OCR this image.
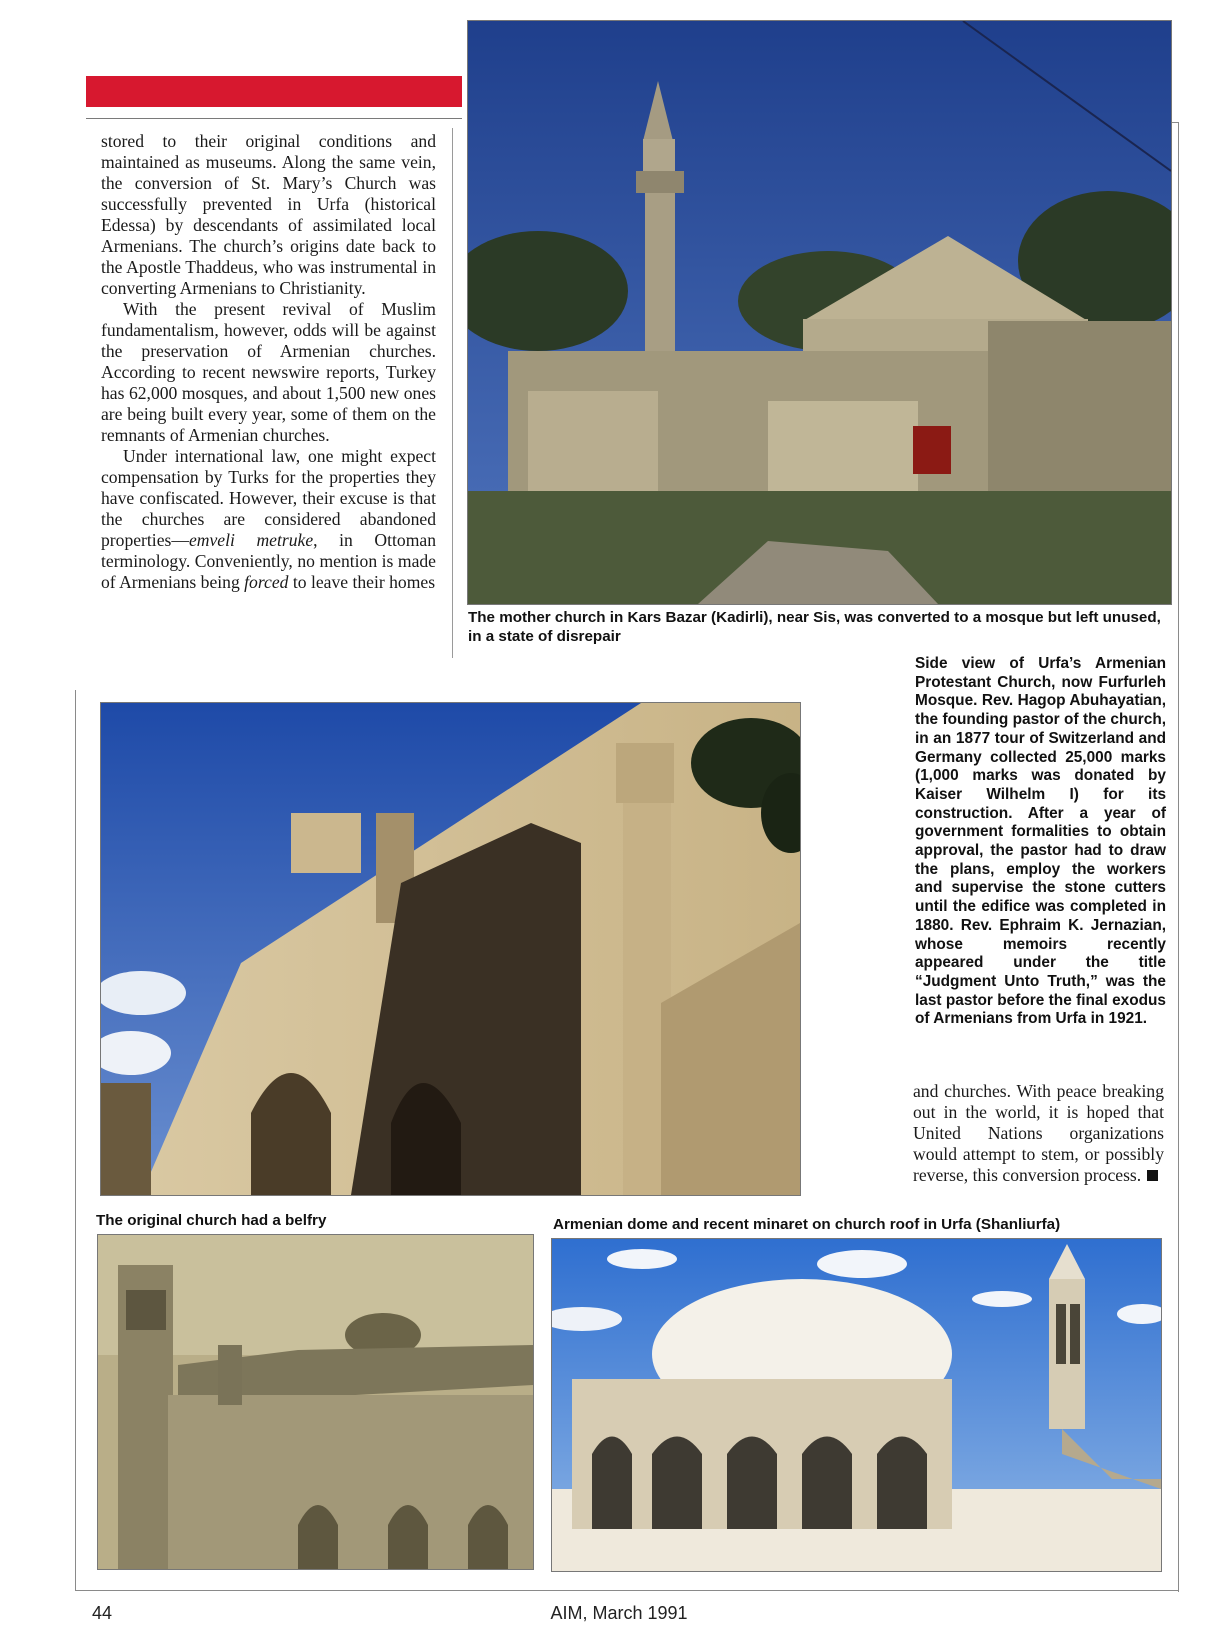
stored to their original conditions and maintained as museums. Along the same vein, the conversion of St. Mary’s Church was successfully prevented in Urfa (historical Edessa) by descendants of assimilated local Armenians. The church’s origins date back to the Apostle Thaddeus, who was instrumental in converting Armenians to Christianity.

With the present revival of Muslim fundamentalism, however, odds will be against the preservation of Armenian churches. According to recent newswire reports, Turkey has 62,000 mosques, and about 1,500 new ones are being built every year, some of them on the remnants of Armenian churches.

Under international law, one might expect compensation by Turks for the properties they have confiscated. However, their excuse is that the churches are considered abandoned properties—emveli metruke, in Ottoman terminology. Conveniently, no mention is made of Armenians being forced to leave their homes

The mother church in Kars Bazar (Kadirli), near Sis, was converted to a mosque but left unused, in a state of disrepair
Side view of Urfa’s Armenian Protestant Church, now Furfurleh Mosque. Rev. Hagop Abuhayatian, the founding pastor of the church, in an 1877 tour of Switzerland and Germany collected 25,000 marks (1,000 marks was donated by Kaiser Wilhelm I) for its construction. After a year of government formalities to obtain approval, the pastor had to draw the plans, employ the workers and supervise the stone cutters until the edifice was completed in 1880. Rev. Ephraim K. Jernazian, whose memoirs recently appeared under the title “Judgment Unto Truth,” was the last pastor before the final exodus of Armenians from Urfa in 1921.

and churches. With peace breaking out in the world, it is hoped that United Nations organizations would attempt to stem, or possibly reverse, this conversion process.

The original church had a belfry	Armenian dome and recent minaret on church roof in Urfa (Shanliurfa)
44	AIM, March 1991
